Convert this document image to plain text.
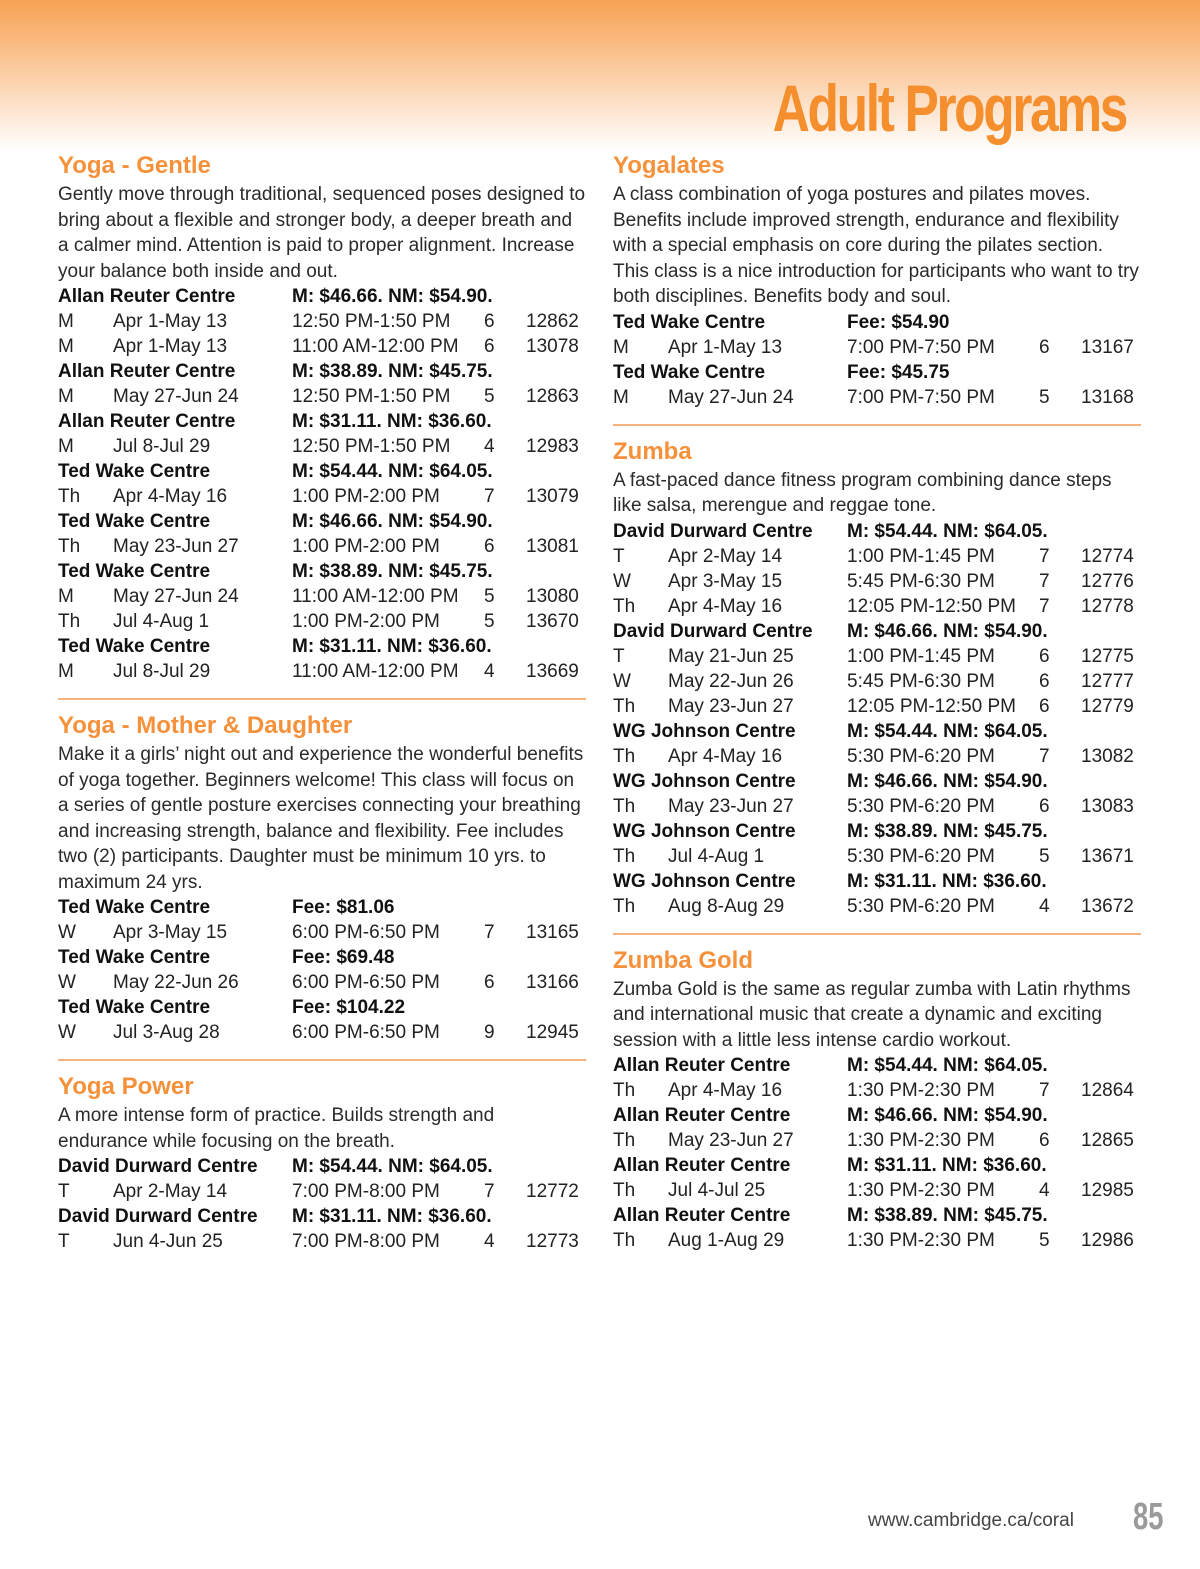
Adult Programs
Yoga - Gentle
Gently move through traditional, sequenced poses designed to bring about a flexible and stronger body, a deeper breath and a calmer mind. Attention is paid to proper alignment. Increase your balance both inside and out.
Allan Reuter Centre	M: $46.66. NM: $54.90.
M	Apr 1-May 13	12:50 PM-1:50 PM	6	12862
M	Apr 1-May 13	11:00 AM-12:00 PM	6	13078
Allan Reuter Centre	M: $38.89. NM: $45.75.
M	May 27-Jun 24	12:50 PM-1:50 PM	5	12863
Allan Reuter Centre	M: $31.11. NM: $36.60.
M	Jul 8-Jul 29	12:50 PM-1:50 PM	4	12983
Ted Wake Centre	M: $54.44. NM: $64.05.
Th	Apr 4-May 16	1:00 PM-2:00 PM	7	13079
Ted Wake Centre	M: $46.66. NM: $54.90.
Th	May 23-Jun 27	1:00 PM-2:00 PM	6	13081
Ted Wake Centre	M: $38.89. NM: $45.75.
M	May 27-Jun 24	11:00 AM-12:00 PM	5	13080
Th	Jul 4-Aug 1	1:00 PM-2:00 PM	5	13670
Ted Wake Centre	M: $31.11. NM: $36.60.
M	Jul 8-Jul 29	11:00 AM-12:00 PM	4	13669
Yoga - Mother & Daughter
Make it a girls’ night out and experience the wonderful benefits of yoga together. Beginners welcome! This class will focus on a series of gentle posture exercises connecting your breathing and increasing strength, balance and flexibility. Fee includes two (2) participants. Daughter must be minimum 10 yrs. to maximum 24 yrs.
Ted Wake Centre	Fee: $81.06
W	Apr 3-May 15	6:00 PM-6:50 PM	7	13165
Ted Wake Centre	Fee: $69.48
W	May 22-Jun 26	6:00 PM-6:50 PM	6	13166
Ted Wake Centre	Fee: $104.22
W	Jul 3-Aug 28	6:00 PM-6:50 PM	9	12945
Yoga Power
A more intense form of practice. Builds strength and endurance while focusing on the breath.
David Durward Centre	M: $54.44. NM: $64.05.
T	Apr 2-May 14	7:00 PM-8:00 PM	7	12772
David Durward Centre	M: $31.11. NM: $36.60.
T	Jun 4-Jun 25	7:00 PM-8:00 PM	4	12773
Yogalates
A class combination of yoga postures and pilates moves. Benefits include improved strength, endurance and flexibility with a special emphasis on core during the pilates section. This class is a nice introduction for participants who want to try both disciplines. Benefits body and soul.
Ted Wake Centre	Fee: $54.90
M	Apr 1-May 13	7:00 PM-7:50 PM	6	13167
Ted Wake Centre	Fee: $45.75
M	May 27-Jun 24	7:00 PM-7:50 PM	5	13168
Zumba
A fast-paced dance fitness program combining dance steps like salsa, merengue and reggae tone.
David Durward Centre	M: $54.44. NM: $64.05.
T	Apr 2-May 14	1:00 PM-1:45 PM	7	12774
W	Apr 3-May 15	5:45 PM-6:30 PM	7	12776
Th	Apr 4-May 16	12:05 PM-12:50 PM	7	12778
David Durward Centre	M: $46.66. NM: $54.90.
T	May 21-Jun 25	1:00 PM-1:45 PM	6	12775
W	May 22-Jun 26	5:45 PM-6:30 PM	6	12777
Th	May 23-Jun 27	12:05 PM-12:50 PM	6	12779
WG Johnson Centre	M: $54.44. NM: $64.05.
Th	Apr 4-May 16	5:30 PM-6:20 PM	7	13082
WG Johnson Centre	M: $46.66. NM: $54.90.
Th	May 23-Jun 27	5:30 PM-6:20 PM	6	13083
WG Johnson Centre	M: $38.89. NM: $45.75.
Th	Jul 4-Aug 1	5:30 PM-6:20 PM	5	13671
WG Johnson Centre	M: $31.11. NM: $36.60.
Th	Aug 8-Aug 29	5:30 PM-6:20 PM	4	13672
Zumba Gold
Zumba Gold is the same as regular zumba with Latin rhythms and international music that create a dynamic and exciting session with a little less intense cardio workout.
Allan Reuter Centre	M: $54.44. NM: $64.05.
Th	Apr 4-May 16	1:30 PM-2:30 PM	7	12864
Allan Reuter Centre	M: $46.66. NM: $54.90.
Th	May 23-Jun 27	1:30 PM-2:30 PM	6	12865
Allan Reuter Centre	M: $31.11. NM: $36.60.
Th	Jul 4-Jul 25	1:30 PM-2:30 PM	4	12985
Allan Reuter Centre	M: $38.89. NM: $45.75.
Th	Aug 1-Aug 29	1:30 PM-2:30 PM	5	12986
www.cambridge.ca/coral 85
